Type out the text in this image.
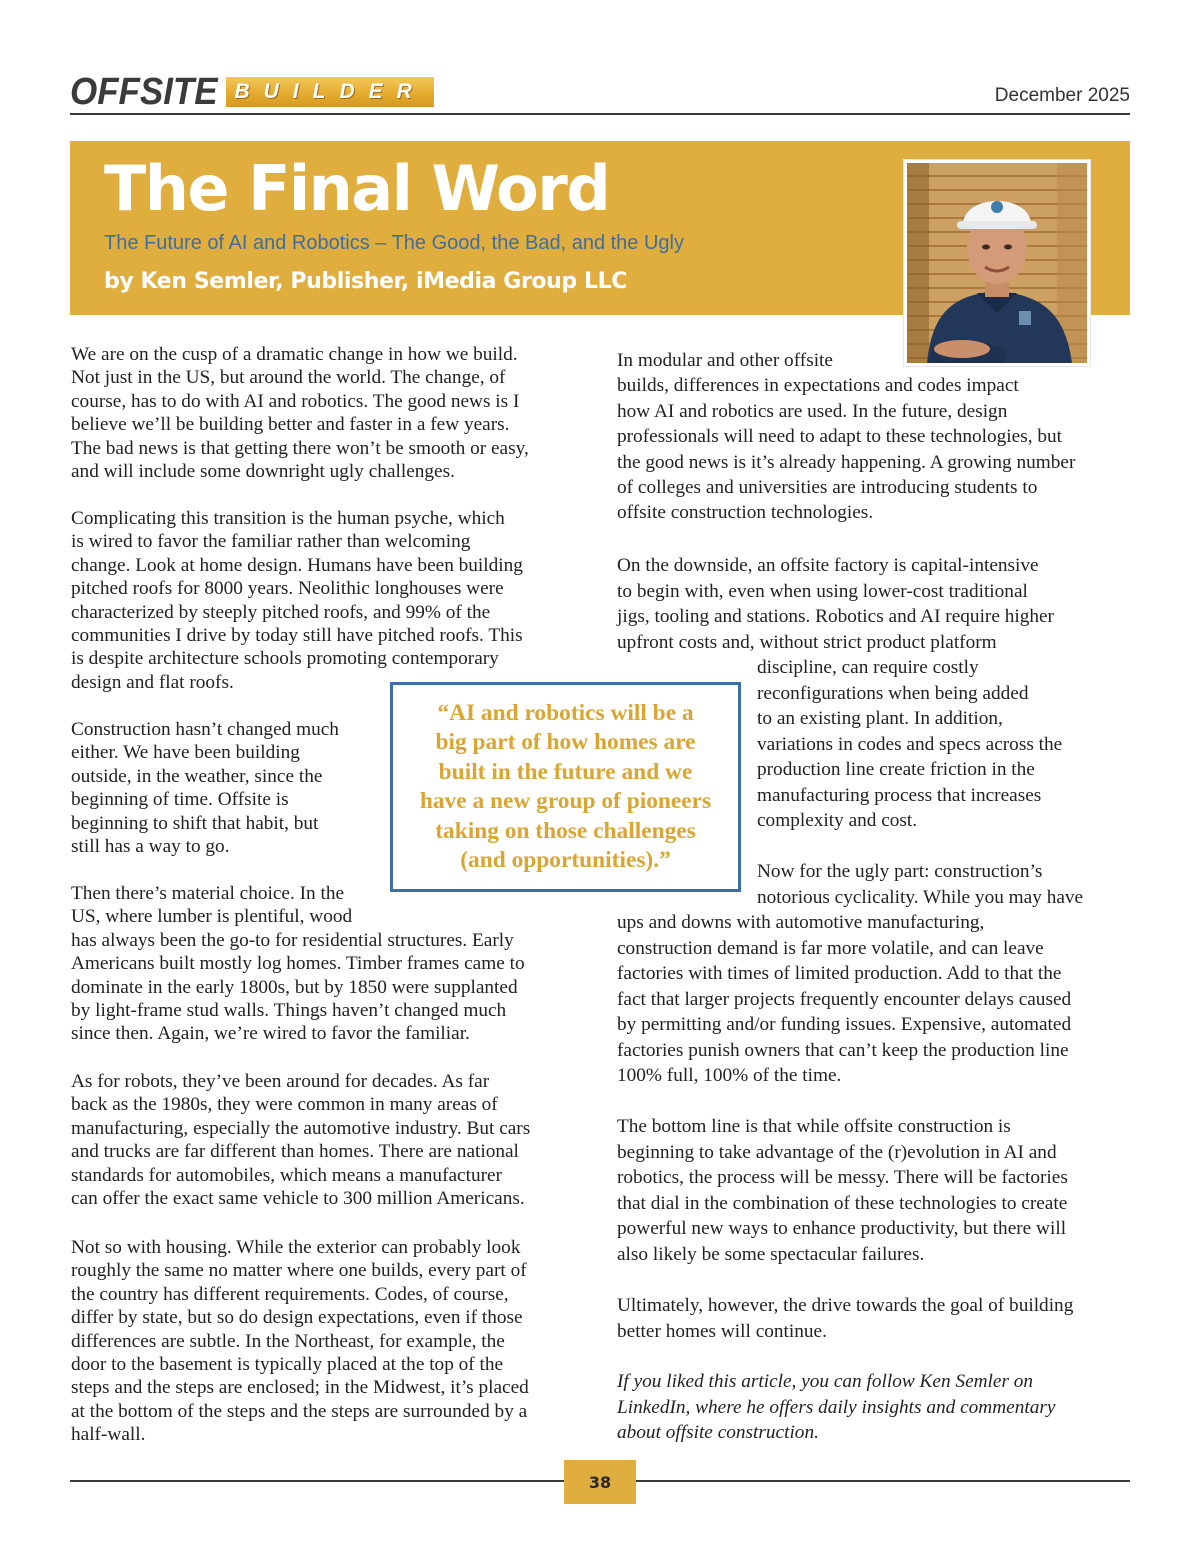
OFFSITE BUILDER	December 2025
The Final Word
The Future of AI and Robotics – The Good, the Bad, and the Ugly
by Ken Semler, Publisher, iMedia Group LLC
We are on the cusp of a dramatic change in how we build.
Not just in the US, but around the world. The change, of
course, has to do with AI and robotics. The good news is I
believe we’ll be building better and faster in a few years.
The bad news is that getting there won’t be smooth or easy,
and will include some downright ugly challenges.
Complicating this transition is the human psyche, which
is wired to favor the familiar rather than welcoming
change. Look at home design. Humans have been building
pitched roofs for 8000 years. Neolithic longhouses were
characterized by steeply pitched roofs, and 99% of the
communities I drive by today still have pitched roofs. This
is despite architecture schools promoting contemporary
design and flat roofs.
Construction hasn’t changed much
either. We have been building
outside, in the weather, since the
beginning of time. Offsite is
beginning to shift that habit, but
still has a way to go.
Then there’s material choice. In the
US, where lumber is plentiful, wood
has always been the go-to for residential structures. Early
Americans built mostly log homes. Timber frames came to
dominate in the early 1800s, but by 1850 were supplanted
by light-frame stud walls. Things haven’t changed much
since then. Again, we’re wired to favor the familiar.
As for robots, they’ve been around for decades. As far
back as the 1980s, they were common in many areas of
manufacturing, especially the automotive industry. But cars
and trucks are far different than homes. There are national
standards for automobiles, which means a manufacturer
can offer the exact same vehicle to 300 million Americans.
Not so with housing. While the exterior can probably look
roughly the same no matter where one builds, every part of
the country has different requirements. Codes, of course,
differ by state, but so do design expectations, even if those
differences are subtle. In the Northeast, for example, the
door to the basement is typically placed at the top of the
steps and the steps are enclosed; in the Midwest, it’s placed
at the bottom of the steps and the steps are surrounded by a
half-wall.
In modular and other offsite
builds, differences in expectations and codes impact
how AI and robotics are used. In the future, design
professionals will need to adapt to these technologies, but
the good news is it’s already happening. A growing number
of colleges and universities are introducing students to
offsite construction technologies.
On the downside, an offsite factory is capital-intensive
to begin with, even when using lower-cost traditional
jigs, tooling and stations. Robotics and AI require higher
upfront costs and, without strict product platform
discipline, can require costly
reconfigurations when being added
to an existing plant. In addition,
variations in codes and specs across the
production line create friction in the
manufacturing process that increases
complexity and cost.
Now for the ugly part: construction’s
notorious cyclicality. While you may have
ups and downs with automotive manufacturing,
construction demand is far more volatile, and can leave
factories with times of limited production. Add to that the
fact that larger projects frequently encounter delays caused
by permitting and/or funding issues. Expensive, automated
factories punish owners that can’t keep the production line
100% full, 100% of the time.
The bottom line is that while offsite construction is
beginning to take advantage of the (r)evolution in AI and
robotics, the process will be messy. There will be factories
that dial in the combination of these technologies to create
powerful new ways to enhance productivity, but there will
also likely be some spectacular failures.
Ultimately, however, the drive towards the goal of building
better homes will continue.
If you liked this article, you can follow Ken Semler on
LinkedIn, where he offers daily insights and commentary
about offsite construction.
“AI and robotics will be a
big part of how homes are
built in the future and we
have a new group of pioneers
taking on those challenges
(and opportunities).”
38
